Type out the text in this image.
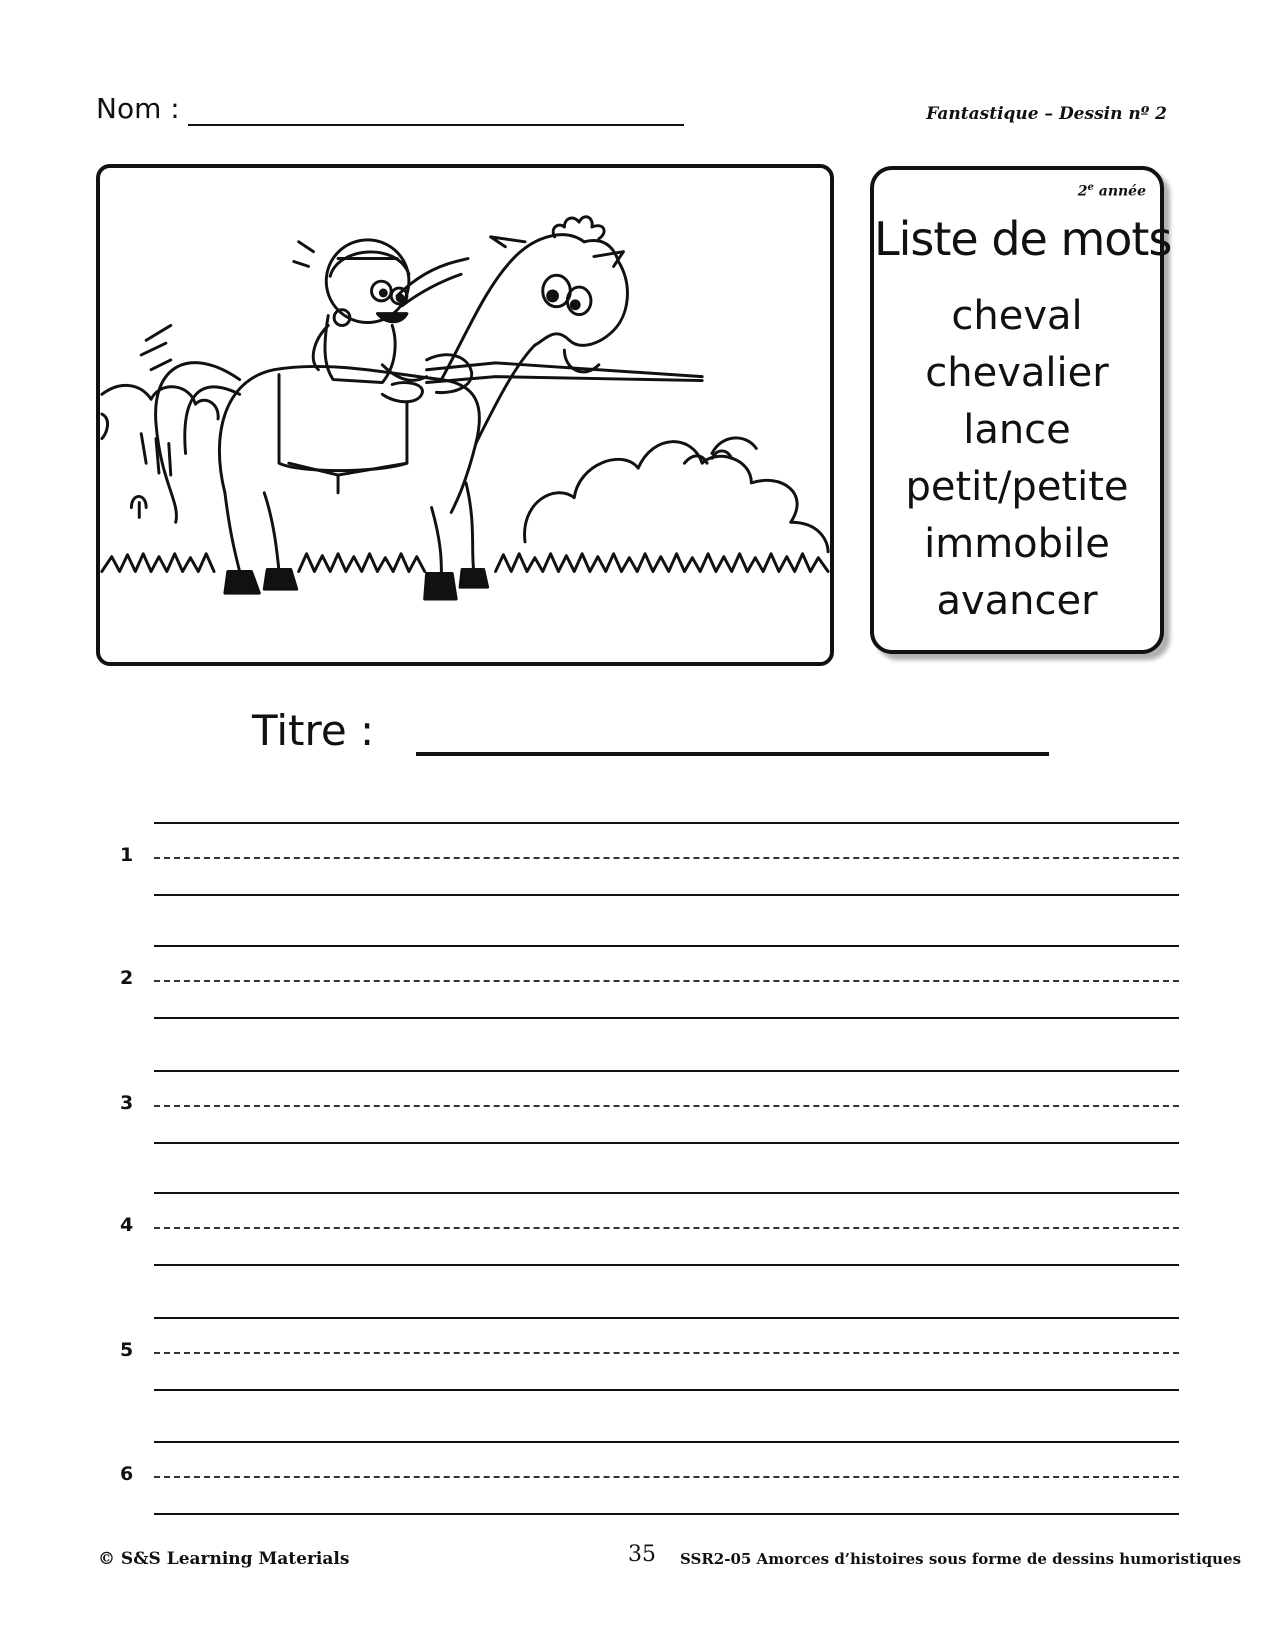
Nom :	Fantastique – Dessin nº 2
2e année
Liste de mots
cheval
chevalier
lance
petit/petite
immobile
avancer
Titre :
1
2
3
4
5
6
© S&S Learning Materials	35 SSR2-05 Amorces d’histoires sous forme de dessins humoristiques
